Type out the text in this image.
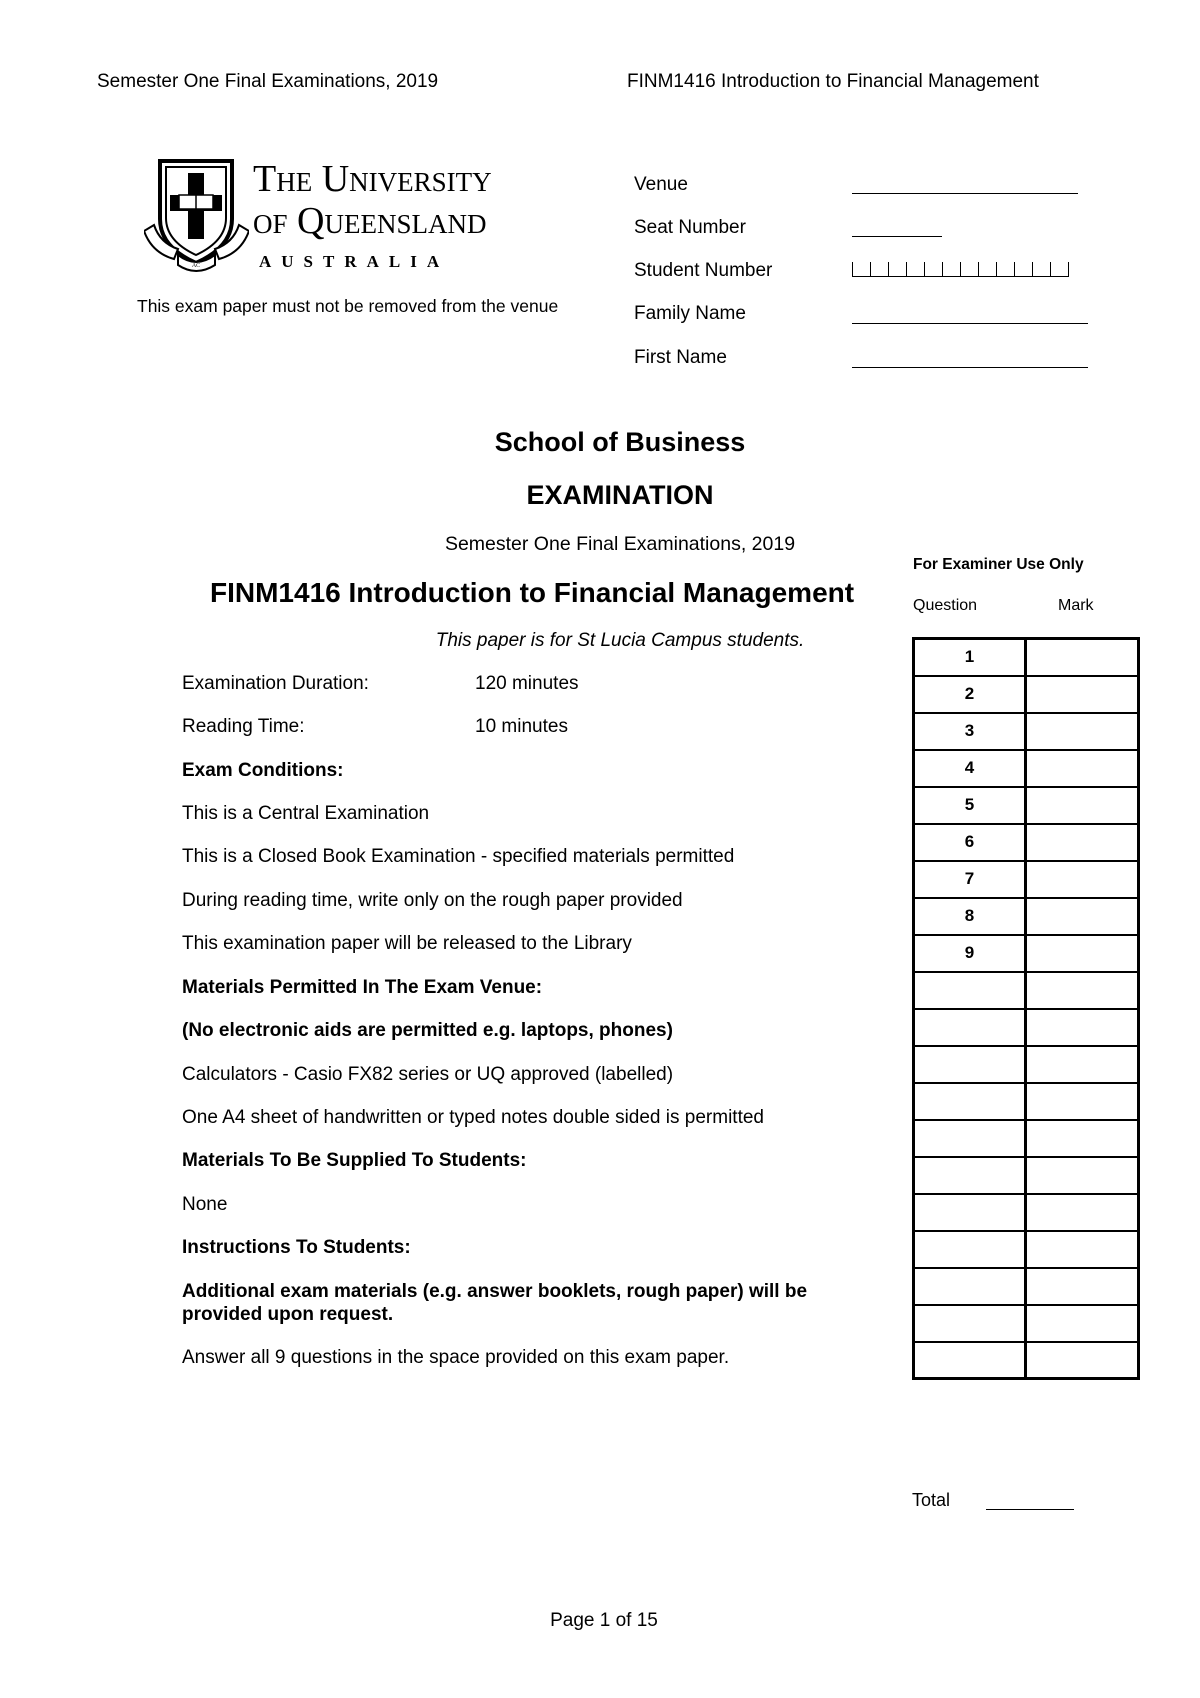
Semester One Final Examinations, 2019	FINM1416 Introduction to Financial Management
AC
The University
of Queensland
AUSTRALIA
This exam paper must not be removed from the venue
Venue
Seat Number
Student Number
Family Name
First Name
School of Business
EXAMINATION
Semester One Final Examinations, 2019
FINM1416 Introduction to Financial Management
This paper is for St Lucia Campus students.
Examination Duration:	120 minutes
Reading Time:	10 minutes
Exam Conditions:
This is a Central Examination
This is a Closed Book Examination - specified materials permitted
During reading time, write only on the rough paper provided
This examination paper will be released to the Library
Materials Permitted In The Exam Venue:
(No electronic aids are permitted e.g. laptops, phones)
Calculators - Casio FX82 series or UQ approved (labelled)
One A4 sheet of handwritten or typed notes double sided is permitted
Materials To Be Supplied To Students:
None
Instructions To Students:
Additional exam materials (e.g. answer booklets, rough paper) will be provided upon request.
Answer all 9 questions in the space provided on this exam paper.
For Examiner Use Only
Question	Mark
1	
2	
3	
4	
5	
6	
7	
8	
9	

Total
Page 1 of 15
